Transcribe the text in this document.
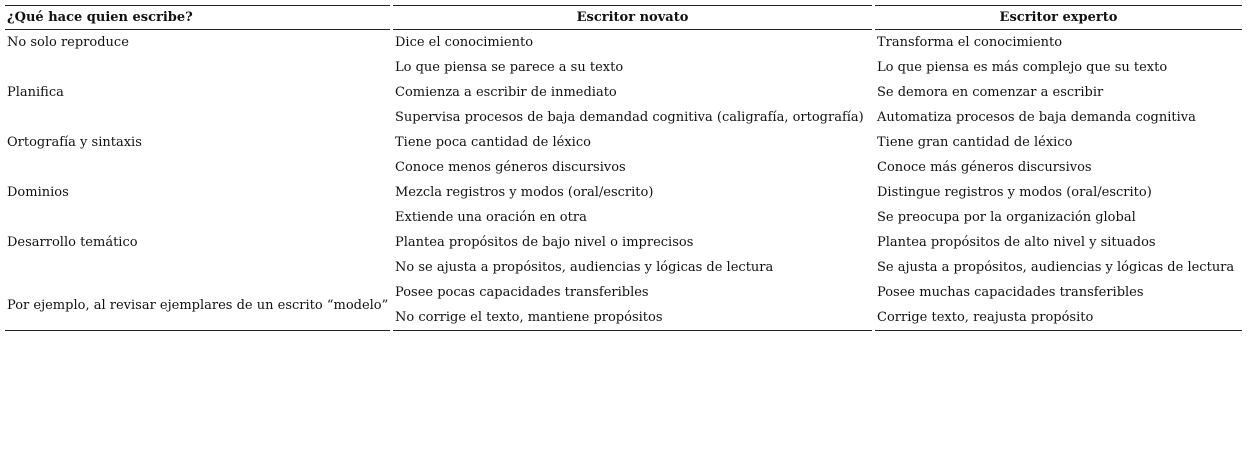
¿Qué hace quien escribe?	Escritor novato	Escritor experto
No solo reproduce	Dice el conocimiento	Transforma el conocimiento
	Lo que piensa se parece a su texto	Lo que piensa es más complejo que su texto
Planifica	Comienza a escribir de inmediato	Se demora en comenzar a escribir
	Supervisa procesos de baja demandad cognitiva (caligrafía, ortografía)	Automatiza procesos de baja demanda cognitiva
Ortografía y sintaxis	Tiene poca cantidad de léxico	Tiene gran cantidad de léxico
	Conoce menos géneros discursivos	Conoce más géneros discursivos
Dominios	Mezcla registros y modos (oral/escrito)	Distingue registros y modos (oral/escrito)
	Extiende una oración en otra	Se preocupa por la organización global
Desarrollo temático	Plantea propósitos de bajo nivel o imprecisos	Plantea propósitos de alto nivel y situados
	No se ajusta a propósitos, audiencias y lógicas de lectura	Se ajusta a propósitos, audiencias y lógicas de lectura
Por ejemplo, al revisar ejemplares de un escrito “modelo”	Posee pocas capacidades transferibles	Posee muchas capacidades transferibles
	No corrige el texto, mantiene propósitos	Corrige texto, reajusta propósito
